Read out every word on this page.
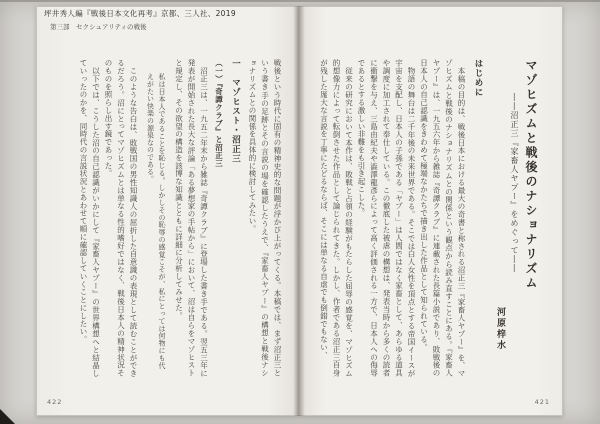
坪井秀人編『戦後日本文化再考』京都、三人社、2019
第三部　セクシュアリティの戦後

戦後という時代に固有の精神史的な問題が浮かび上がってくる。本稿では、まず沼正三という書き手の足跡とその言説の場を確認したうえで、『家畜人ヤプー』の構想と戦後ナショナリズムとの関係を具体的に検討してみたい。

一　マゾヒスト・沼正三
（一）『奇譚クラブ』と沼正三

沼正三は、一九五二年末から雑誌『奇譚クラブ』に登場した書き手である。翌五三年に発表が開始された長大な評論「ある夢想家の手帖から」において、沼は自らをマゾヒストと規定し、その欲望の構造を該博な知識とともに詳細に分析してみせた。

私は日本人であることを恥じる。しかしその恥辱の感覚こそが、私にとっては何物にも代えがたい快楽の源泉なのである。

このような告白は、敗戦国の男性知識人の屈折した自意識の表現として読むことができるだろう。沼にとってマゾヒズムとは単なる性的嗜好ではなく、戦後日本人の精神状況そのものを照らし出す鏡であった。

以下では、こうした沼の自己認識がいかにして『家畜人ヤプー』の世界構想へと結晶していったのかを、同時代の言説状況とあわせて順に確認していくことにしたい。

422
マゾヒズムと戦後のナショナリズム
――沼正三『家畜人ヤプー』をめぐって――
河原梓水
はじめに

本稿の目的は、戦後日本における最大の奇書と称される沼正三『家畜人ヤプー』を、マゾヒズムと戦後のナショナリズムとの関係という観点から読み直すことにある。『家畜人ヤプー』は、一九五六年から雑誌『奇譚クラブ』に連載された長篇小説であり、敗戦後の日本人の自己認識をきわめて極端なかたちで描き出した作品として知られている。

物語の舞台は二千年後の未来世界である。そこでは白人女性を頂点とする帝国イースが宇宙を支配し、日本人の子孫である「ヤプー」は人間ではなく家畜として、あらゆる道具や調度に加工されて奉仕している。この徹底した被虐の構想は、発表当時から多くの読者に衝撃を与え、三島由紀夫や澁澤龍彥らによって高く評価される一方で、日本人への侮辱であるとする激しい非難をも引き起こした。

従来の研究において本作は、敗戦と占領の経験がもたらした屈辱の感覚を、マゾヒズム的想像力によって転倒させた作品として論じられてきた。しかし、作者である沼正三自身が残した厖大な言説を丁寧にたどるならば、そこには単なる自虐でも倒錯でもない、

421
